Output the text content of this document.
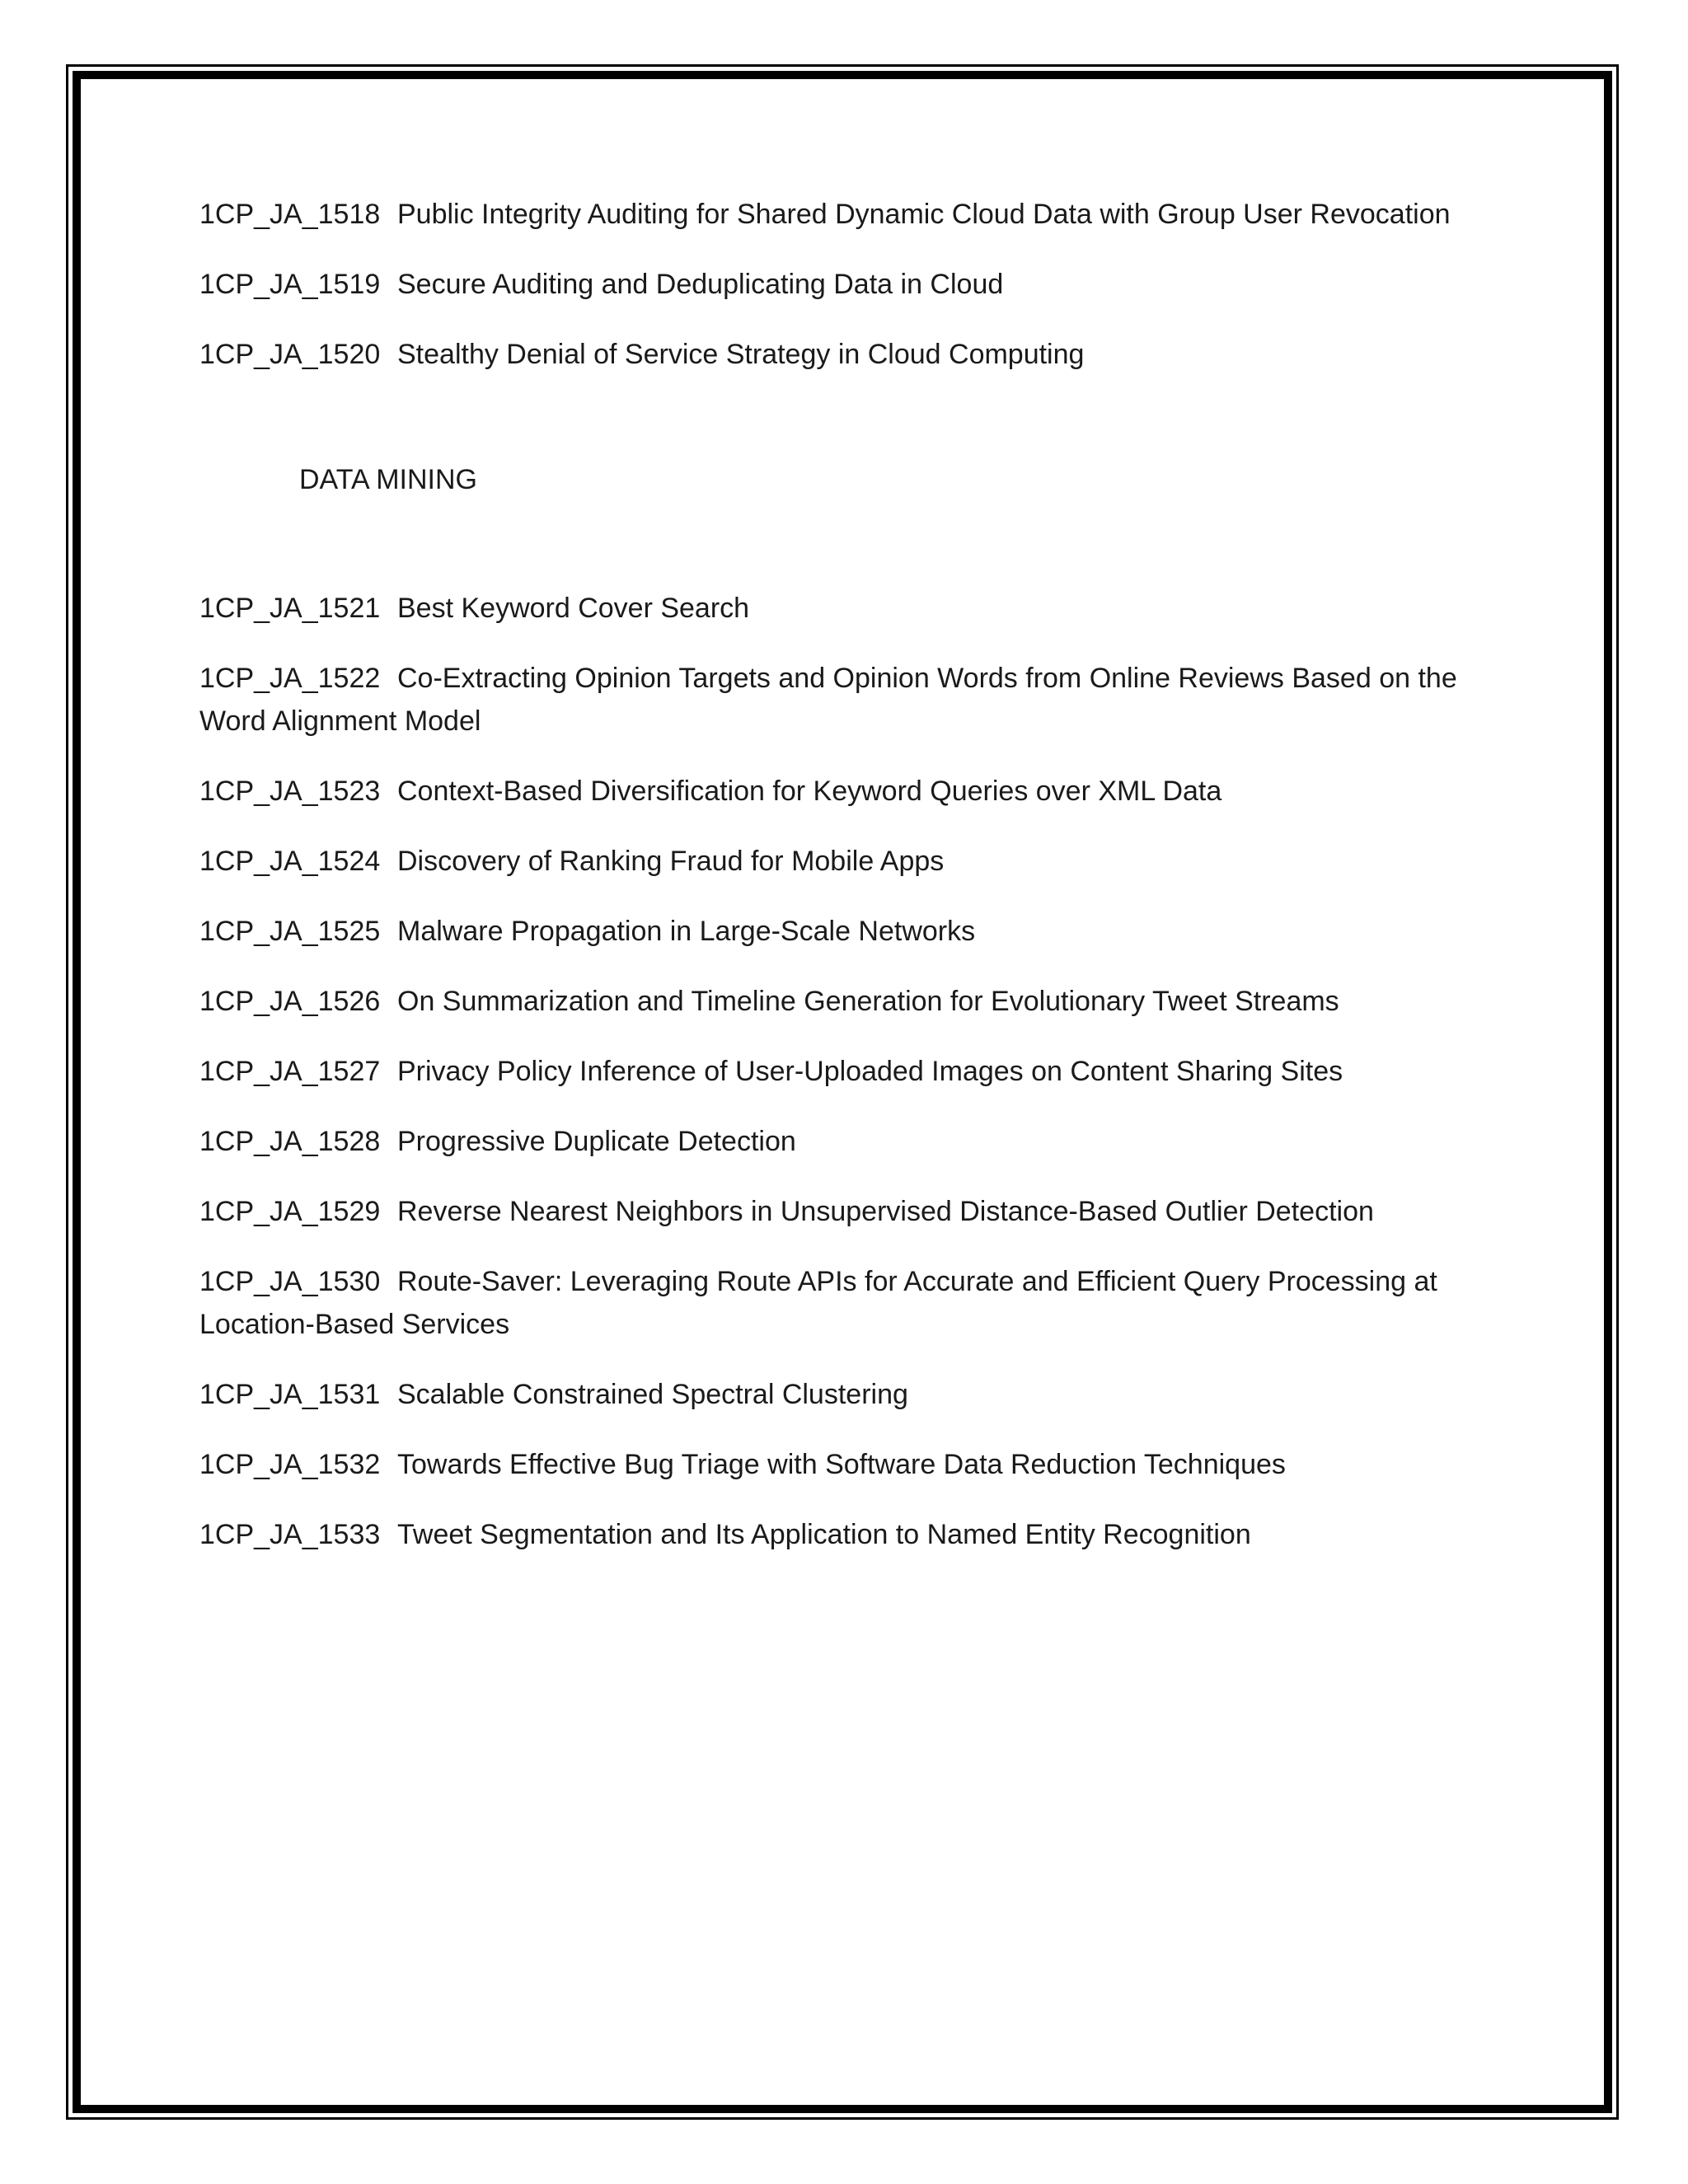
1CP_JA_1518 Public Integrity Auditing for Shared Dynamic Cloud Data with Group User Revocation
1CP_JA_1519 Secure Auditing and Deduplicating Data in Cloud
1CP_JA_1520 Stealthy Denial of Service Strategy in Cloud Computing
DATA MINING
1CP_JA_1521 Best Keyword Cover Search
1CP_JA_1522 Co-Extracting Opinion Targets and Opinion Words from Online Reviews Based on the Word Alignment Model
1CP_JA_1523 Context-Based Diversification for Keyword Queries over XML Data
1CP_JA_1524 Discovery of Ranking Fraud for Mobile Apps
1CP_JA_1525 Malware Propagation in Large-Scale Networks
1CP_JA_1526 On Summarization and Timeline Generation for Evolutionary Tweet Streams
1CP_JA_1527 Privacy Policy Inference of User-Uploaded Images on Content Sharing Sites
1CP_JA_1528 Progressive Duplicate Detection
1CP_JA_1529 Reverse Nearest Neighbors in Unsupervised Distance-Based Outlier Detection
1CP_JA_1530 Route-Saver: Leveraging Route APIs for Accurate and Efficient Query Processing at Location-Based Services
1CP_JA_1531 Scalable Constrained Spectral Clustering
1CP_JA_1532 Towards Effective Bug Triage with Software Data Reduction Techniques
1CP_JA_1533 Tweet Segmentation and Its Application to Named Entity Recognition
